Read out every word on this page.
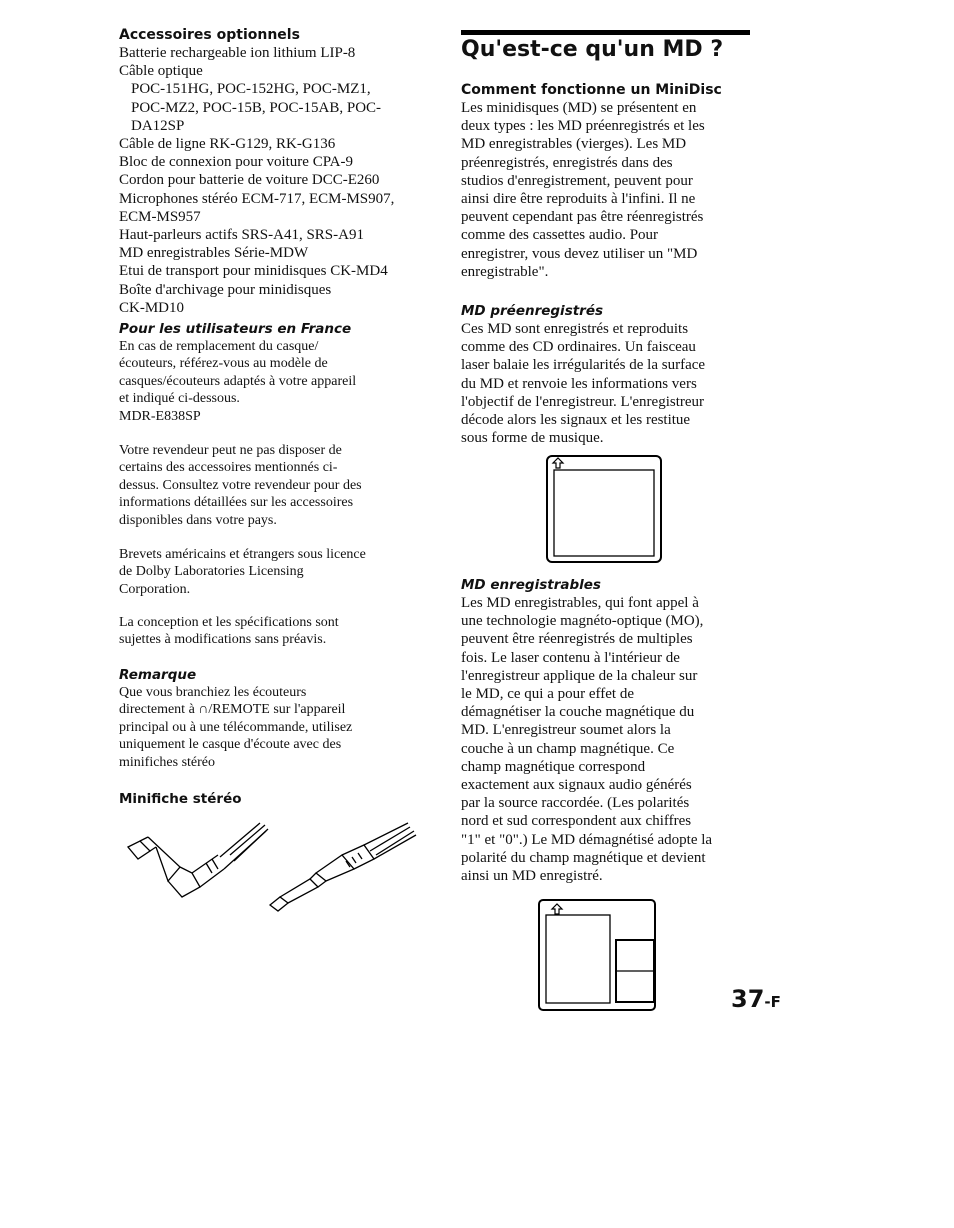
Accessoires optionnels
Batterie rechargeable ion lithium LIP-8
Câble optique
POC-151HG, POC-152HG, POC-MZ1,
POC-MZ2, POC-15B, POC-15AB, POC-
DA12SP
Câble de ligne RK-G129, RK-G136
Bloc de connexion pour voiture CPA-9
Cordon pour batterie de voiture DCC-E260
Microphones stéréo ECM-717, ECM-MS907,
ECM-MS957
Haut-parleurs actifs SRS-A41, SRS-A91
MD enregistrables Série-MDW
Etui de transport pour minidisques CK-MD4
Boîte d'archivage pour minidisques
CK-MD10
Pour les utilisateurs en France
En cas de remplacement du casque/
écouteurs, référez-vous au modèle de
casques/écouteurs adaptés à votre appareil
et indiqué ci-dessous.
MDR-E838SP
Votre revendeur peut ne pas disposer de
certains des accessoires mentionnés ci-
dessus. Consultez votre revendeur pour des
informations détaillées sur les accessoires
disponibles dans votre pays.
Brevets américains et étrangers sous licence
de Dolby Laboratories Licensing
Corporation.
La conception et les spécifications sont
sujettes à modifications sans préavis.
Remarque
Que vous branchiez les écouteurs
directement à ∩/REMOTE sur l'appareil
principal ou à une télécommande, utilisez
uniquement le casque d'écoute avec des
minifiches stéréo
Minifiche stéréo
Qu'est-ce qu'un MD ?
Comment fonctionne un MiniDisc
Les minidisques (MD) se présentent en
deux types : les MD préenregistrés et les
MD enregistrables (vierges). Les MD
préenregistrés, enregistrés dans des
studios d'enregistrement, peuvent pour
ainsi dire être reproduits à l'infini. Il ne
peuvent cependant pas être réenregistrés
comme des cassettes audio. Pour
enregistrer, vous devez utiliser un "MD
enregistrable".
MD préenregistrés
Ces MD sont enregistrés et reproduits
comme des CD ordinaires. Un faisceau
laser balaie les irrégularités de la surface
du MD et renvoie les informations vers
l'objectif de l'enregistreur. L'enregistreur
décode alors les signaux et les restitue
sous forme de musique.
MD enregistrables
Les MD enregistrables, qui font appel à
une technologie magnéto-optique (MO),
peuvent être réenregistrés de multiples
fois. Le laser contenu à l'intérieur de
l'enregistreur applique de la chaleur sur
le MD, ce qui a pour effet de
démagnétiser la couche magnétique du
MD. L'enregistreur soumet alors la
couche à un champ magnétique. Ce
champ magnétique correspond
exactement aux signaux audio générés
par la source raccordée. (Les polarités
nord et sud correspondent aux chiffres
"1" et "0".) Le MD démagnétisé adopte la
polarité du champ magnétique et devient
ainsi un MD enregistré.
37-F
